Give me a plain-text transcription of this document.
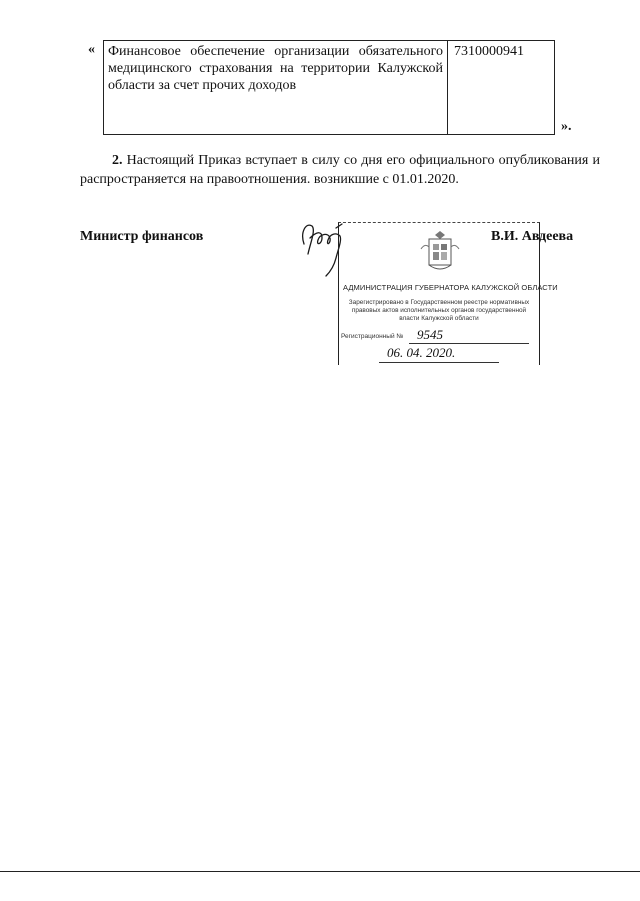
« Финансовое обеспечение организации обязательного медицинского страхования на территории Калужской области за счет прочих доходов	7310000941
».
2. Настоящий Приказ вступает в силу со дня его официального опубликования и распространяется на правоотношения. возникшие с 01.01.2020.
Министр финансов	В.И. Авдеева
АДМИНИСТРАЦИЯ ГУБЕРНАТОРА КАЛУЖСКОЙ ОБЛАСТИ
Зарегистрировано в Государственном реестре нормативных правовых актов исполнительных органов государственной власти Калужской области
Регистрационный № 9545
06. 04. 2020.
